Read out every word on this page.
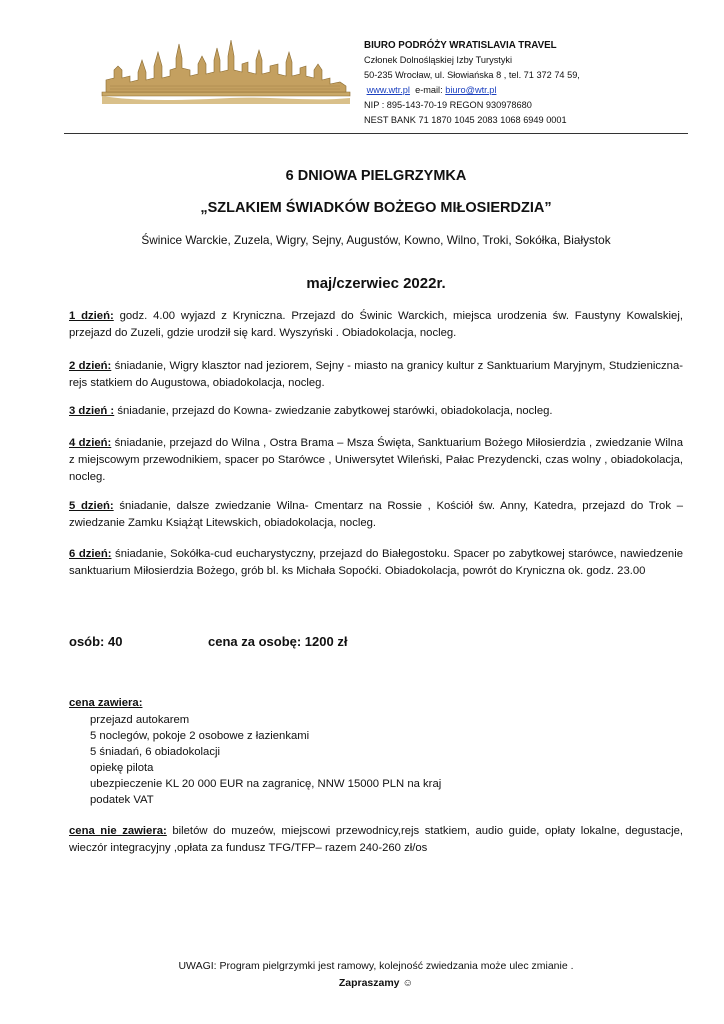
BIURO PODRÓŻY WRATISLAVIA TRAVEL
Członek Dolnośląskiej Izby Turystyki
50-235 Wrocław, ul. Słowiańska 8 , tel. 71 372 74 59,
www.wtr.pl e-mail: biuro@wtr.pl
NIP : 895-143-70-19 REGON 930978680
NEST BANK 71 1870 1045 2083 1068 6949 0001
6 DNIOWA PIELGRZYMKA
„SZLAKIEM ŚWIADKÓW BOŻEGO MIŁOSIERDZIA”
Świnice Warckie, Zuzela, Wigry, Sejny, Augustów, Kowno, Wilno, Troki, Sokółka, Białystok
maj/czerwiec 2022r.
1 dzień: godz. 4.00 wyjazd z Kryniczna. Przejazd do Świnic Warckich, miejsca urodzenia św. Faustyny Kowalskiej, przejazd do Zuzeli, gdzie urodził się kard. Wyszyński . Obiadokolacja, nocleg.
2 dzień: śniadanie, Wigry klasztor nad jeziorem, Sejny - miasto na granicy kultur z Sanktuarium Maryjnym, Studzieniczna- rejs statkiem do Augustowa, obiadokolacja, nocleg.
3 dzień : śniadanie, przejazd do Kowna- zwiedzanie zabytkowej starówki, obiadokolacja, nocleg.
4 dzień: śniadanie, przejazd do Wilna , Ostra Brama – Msza Święta, Sanktuarium Bożego Miłosierdzia , zwiedzanie Wilna z miejscowym przewodnikiem, spacer po Starówce , Uniwersytet Wileński, Pałac Prezydencki, czas wolny , obiadokolacja, nocleg.
5 dzień: śniadanie, dalsze zwiedzanie Wilna- Cmentarz na Rossie , Kościół św. Anny, Katedra, przejazd do Trok – zwiedzanie Zamku Książąt Litewskich, obiadokolacja, nocleg.
6 dzień: śniadanie, Sokółka-cud eucharystyczny, przejazd do Białegostoku. Spacer po zabytkowej starówce, nawiedzenie sanktuarium Miłosierdzia Bożego, grób bl. ks Michała Sopoćki. Obiadokolacja, powrót do Kryniczna ok. godz. 23.00
osób: 40	cena za osobę: 1200 zł
cena zawiera:
przejazd autokarem
5 noclegów, pokoje 2 osobowe z łazienkami
5 śniadań, 6 obiadokolacji
opiekę pilota
ubezpieczenie KL 20 000 EUR na zagranicę, NNW 15000 PLN na kraj
podatek VAT
cena nie zawiera: biletów do muzeów, miejscowi przewodnicy,rejs statkiem, audio guide, opłaty lokalne, degustacje, wieczór integracyjny ,opłata za fundusz TFG/TFP– razem 240-260 zł/os
UWAGI: Program pielgrzymki jest ramowy, kolejność zwiedzania może ulec zmianie .
Zapraszamy ☺
